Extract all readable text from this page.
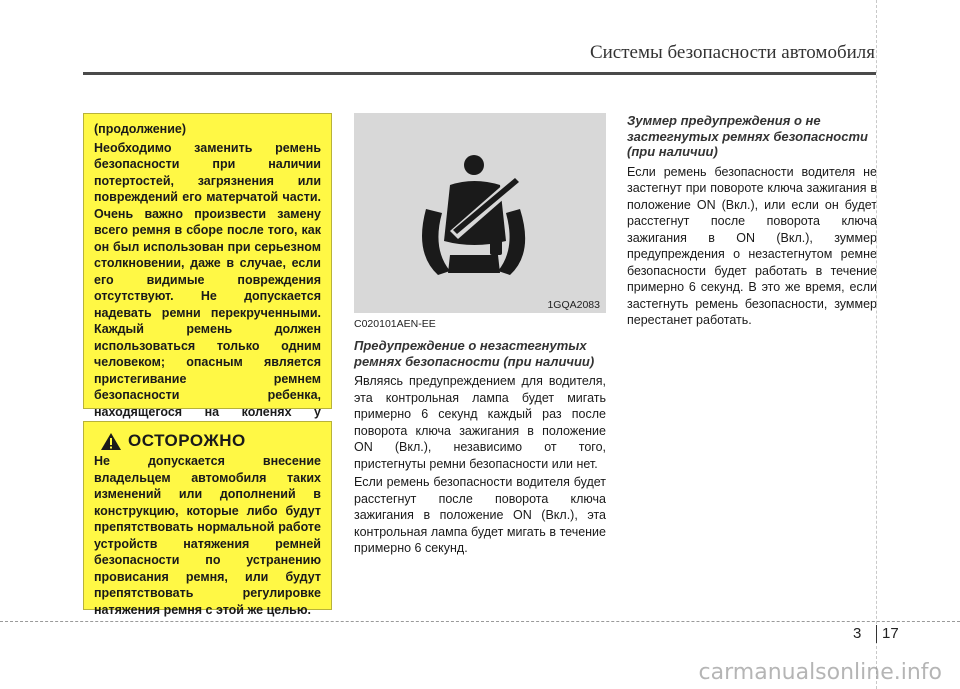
Системы безопасности автомобиля

(продолжение)

Необходимо заменить ремень безопасности при наличии потертостей, загрязнения или повреждений его матерчатой части. Очень важно произвести замену всего ремня в сборе после того, как он был использован при серьезном столкновении, даже в случае, если его видимые повреждения отсутствуют. Не допускается надевать ремни перекрученными. Каждый ремень должен использоваться только одним человеком; опасным является пристегивание ремнем безопасности ребенка, находящегося на коленях у

ОСТОРОЖНО

Не допускается внесение владельцем автомобиля таких изменений или дополнений в конструкцию, которые либо будут препятствовать нормальной работе устройств натяжения ремней безопасности по устранению провисания ремня, или будут препятствовать регулировке натяжения ремня с этой же целью.

1GQA2083

C020101AEN-EE

Предупреждение о незастегнутых ремнях безопасности (при наличии)

Являясь предупреждением для водителя, эта контрольная лампа будет мигать примерно 6 секунд каждый раз после поворота ключа зажигания в положение ON (Вкл.), независимо от того, пристегнуты ремни безопасности или нет.

Если ремень безопасности водителя будет расстегнут после поворота ключа зажигания в положение ON (Вкл.), эта контрольная лампа будет мигать в течение примерно 6 секунд.

Зуммер предупреждения о не застегнутых ремнях безопасности (при наличии)

Если ремень безопасности водителя не застегнут при повороте ключа зажигания в положение ON (Вкл.), или если он будет расстегнут после поворота ключа зажигания в ON (Вкл.), зуммер предупреждения о незастегнутом ремне безопасности будет работать в течение примерно 6 секунд. В это же время, если застегнуть ремень безопасности, зуммер перестанет работать.

3 17
carmanualsonline.info
